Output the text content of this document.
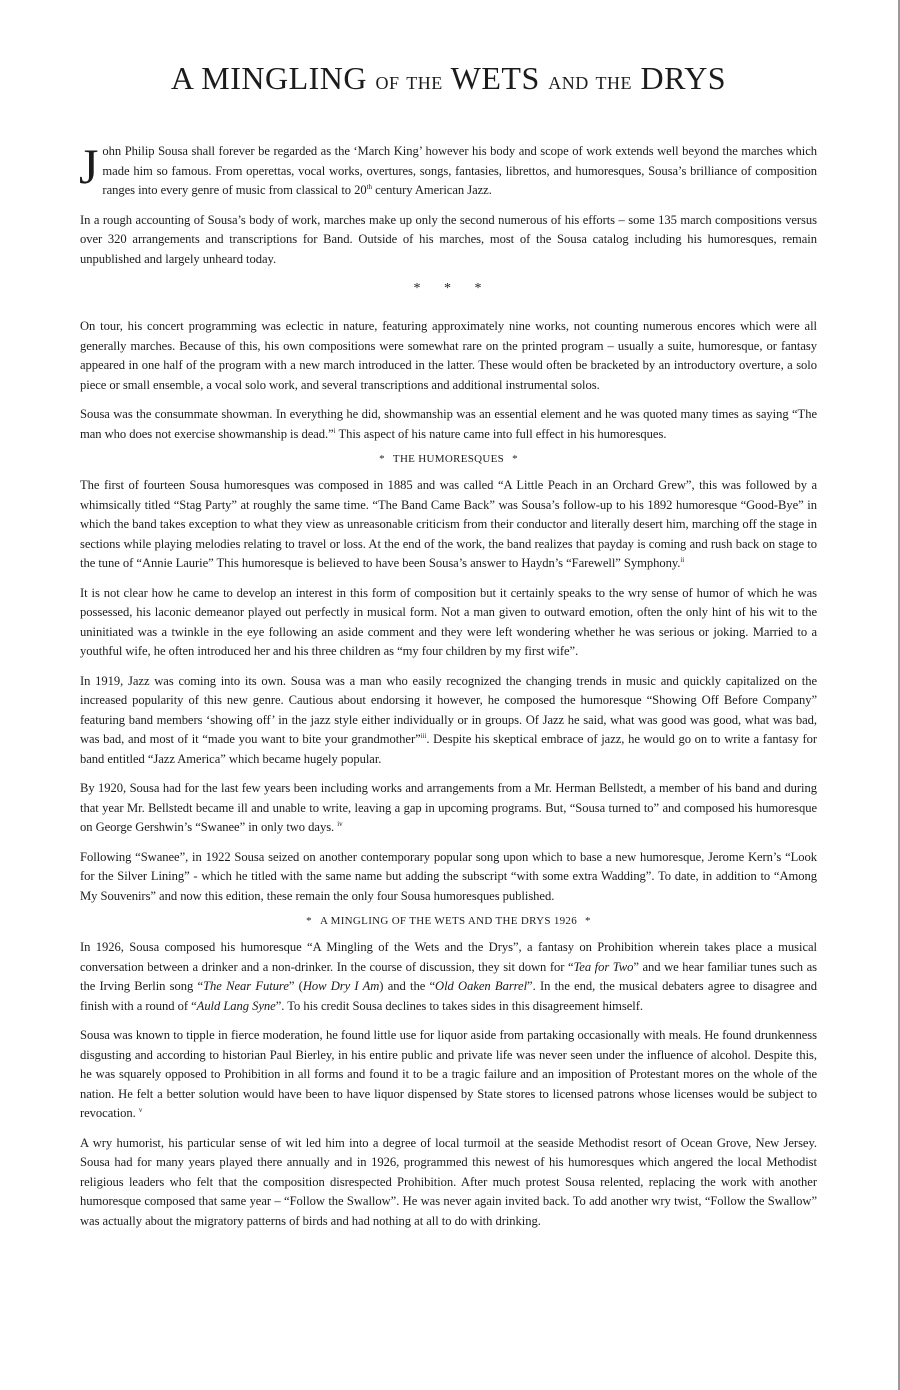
A MINGLING of the WETS and the DRYS

John Philip Sousa shall forever be regarded as the ‘March King’ however his body and scope of work extends well beyond the marches which made him so famous. From operettas, vocal works, overtures, songs, fantasies, librettos, and humoresques, Sousa’s brilliance of composition ranges into every genre of music from classical to 20th century American Jazz.

In a rough accounting of Sousa’s body of work, marches make up only the second numerous of his efforts – some 135 march compositions versus over 320 arrangements and transcriptions for Band. Outside of his marches, most of the Sousa catalog including his humoresques, remain unpublished and largely unheard today.

* * *

On tour, his concert programming was eclectic in nature, featuring approximately nine works, not counting numerous encores which were all generally marches. Because of this, his own compositions were somewhat rare on the printed program – usually a suite, humoresque, or fantasy appeared in one half of the program with a new march introduced in the latter. These would often be bracketed by an introductory overture, a solo piece or small ensemble, a vocal solo work, and several transcriptions and additional instrumental solos.

Sousa was the consummate showman. In everything he did, showmanship was an essential element and he was quoted many times as saying “The man who does not exercise showmanship is dead.”$^i$ This aspect of his nature came into full effect in his humoresques.

* THE HUMORESQUES *

The first of fourteen Sousa humoresques was composed in 1885 and was called “A Little Peach in an Orchard Grew”, this was followed by a whimsically titled “Stag Party” at roughly the same time. “The Band Came Back” was Sousa’s follow-up to his 1892 humoresque “Good-Bye” in which the band takes exception to what they view as unreasonable criticism from their conductor and literally desert him, marching off the stage in sections while playing melodies relating to travel or loss. At the end of the work, the band realizes that payday is coming and rush back on stage to the tune of “Annie Laurie” This humoresque is believed to have been Sousa’s answer to Haydn’s “Farewell” Symphony.$^{ii}$

It is not clear how he came to develop an interest in this form of composition but it certainly speaks to the wry sense of humor of which he was possessed, his laconic demeanor played out perfectly in musical form. Not a man given to outward emotion, often the only hint of his wit to the uninitiated was a twinkle in the eye following an aside comment and they were left wondering whether he was serious or joking. Married to a youthful wife, he often introduced her and his three children as “my four children by my first wife”.

In 1919, Jazz was coming into its own. Sousa was a man who easily recognized the changing trends in music and quickly capitalized on the increased popularity of this new genre. Cautious about endorsing it however, he composed the humoresque “Showing Off Before Company” featuring band members ‘showing off’ in the jazz style either individually or in groups. Of Jazz he said, what was good was good, what was bad, was bad, and most of it “made you want to bite your grandmother”$^{iii}$. Despite his skeptical embrace of jazz, he would go on to write a fantasy for band entitled “Jazz America” which became hugely popular.

By 1920, Sousa had for the last few years been including works and arrangements from a Mr. Herman Bellstedt, a member of his band and during that year Mr. Bellstedt became ill and unable to write, leaving a gap in upcoming programs. But, “Sousa turned to” and composed his humoresque on George Gershwin’s “Swanee” in only two days. $^{iv}$

Following “Swanee”, in 1922 Sousa seized on another contemporary popular song upon which to base a new humoresque, Jerome Kern’s “Look for the Silver Lining” - which he titled with the same name but adding the subscript “with some extra Wadding”. To date, in addition to “Among My Souvenirs” and now this edition, these remain the only four Sousa humoresques published.

* A MINGLING OF THE WETS AND THE DRYS 1926 *

In 1926, Sousa composed his humoresque “A Mingling of the Wets and the Drys”, a fantasy on Prohibition wherein takes place a musical conversation between a drinker and a non-drinker. In the course of discussion, they sit down for “Tea for Two” and we hear familiar tunes such as the Irving Berlin song “The Near Future” (How Dry I Am) and the “Old Oaken Barrel”. In the end, the musical debaters agree to disagree and finish with a round of “Auld Lang Syne”. To his credit Sousa declines to takes sides in this disagreement himself.

Sousa was known to tipple in fierce moderation, he found little use for liquor aside from partaking occasionally with meals. He found drunkenness disgusting and according to historian Paul Bierley, in his entire public and private life was never seen under the influence of alcohol. Despite this, he was squarely opposed to Prohibition in all forms and found it to be a tragic failure and an imposition of Protestant mores on the whole of the nation. He felt a better solution would have been to have liquor dispensed by State stores to licensed patrons whose licenses would be subject to revocation. $^v$

A wry humorist, his particular sense of wit led him into a degree of local turmoil at the seaside Methodist resort of Ocean Grove, New Jersey. Sousa had for many years played there annually and in 1926, programmed this newest of his humoresques which angered the local Methodist religious leaders who felt that the composition disrespected Prohibition. After much protest Sousa relented, replacing the work with another humoresque composed that same year – “Follow the Swallow”. He was never again invited back. To add another wry twist, “Follow the Swallow” was actually about the migratory patterns of birds and had nothing at all to do with drinking.
